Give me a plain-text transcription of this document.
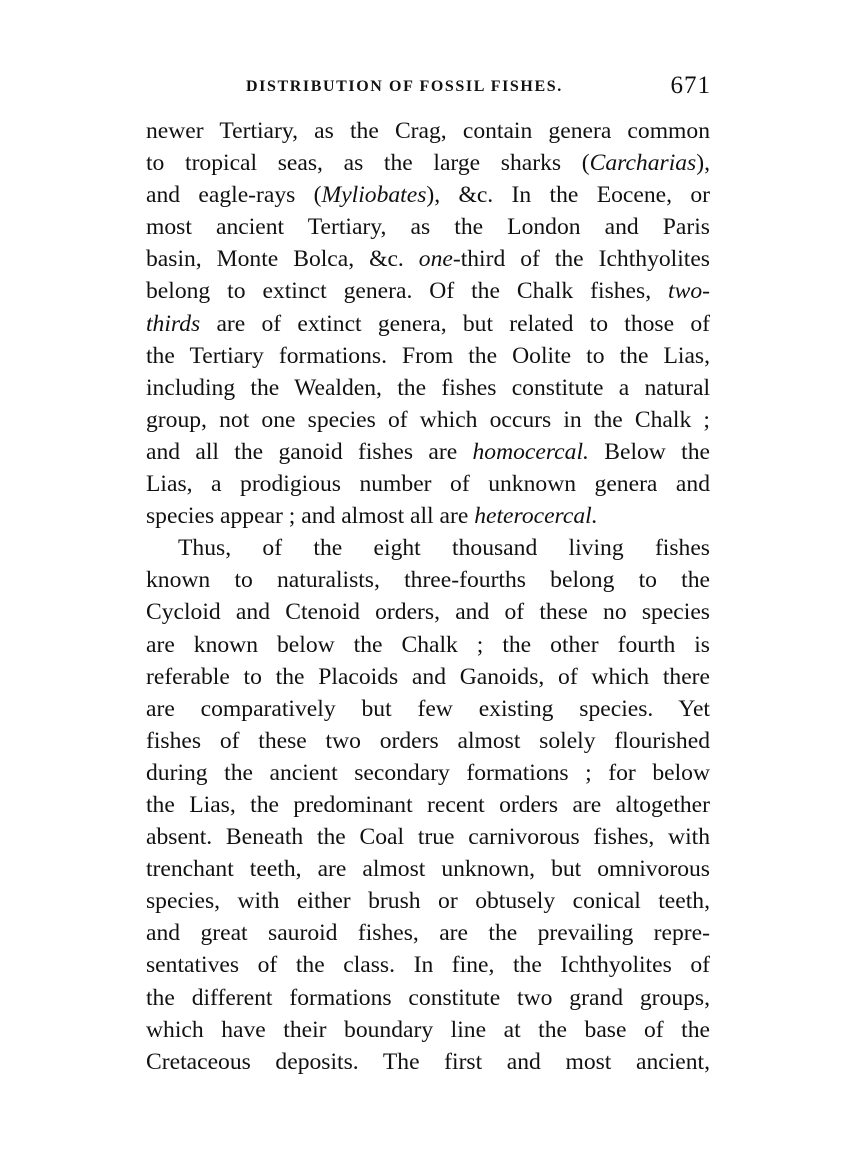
DISTRIBUTION OF FOSSIL FISHES.	671
newer Tertiary, as the Crag, contain genera common
to tropical seas, as the large sharks (Carcharias),
and eagle-rays (Myliobates), &c. In the Eocene, or
most ancient Tertiary, as the London and Paris
basin, Monte Bolca, &c. one-third of the Ichthyolites
belong to extinct genera. Of the Chalk fishes, two-
thirds are of extinct genera, but related to those of
the Tertiary formations. From the Oolite to the Lias,
including the Wealden, the fishes constitute a natural
group, not one species of which occurs in the Chalk ;
and all the ganoid fishes are homocercal. Below the
Lias, a prodigious number of unknown genera and
species appear ; and almost all are heterocercal.
Thus, of the eight thousand living fishes
known to naturalists, three-fourths belong to the
Cycloid and Ctenoid orders, and of these no species
are known below the Chalk ; the other fourth is
referable to the Placoids and Ganoids, of which there
are comparatively but few existing species. Yet
fishes of these two orders almost solely flourished
during the ancient secondary formations ; for below
the Lias, the predominant recent orders are altogether
absent. Beneath the Coal true carnivorous fishes, with
trenchant teeth, are almost unknown, but omnivorous
species, with either brush or obtusely conical teeth,
and great sauroid fishes, are the prevailing repre-
sentatives of the class. In fine, the Ichthyolites of
the different formations constitute two grand groups,
which have their boundary line at the base of the
Cretaceous deposits. The first and most ancient,
